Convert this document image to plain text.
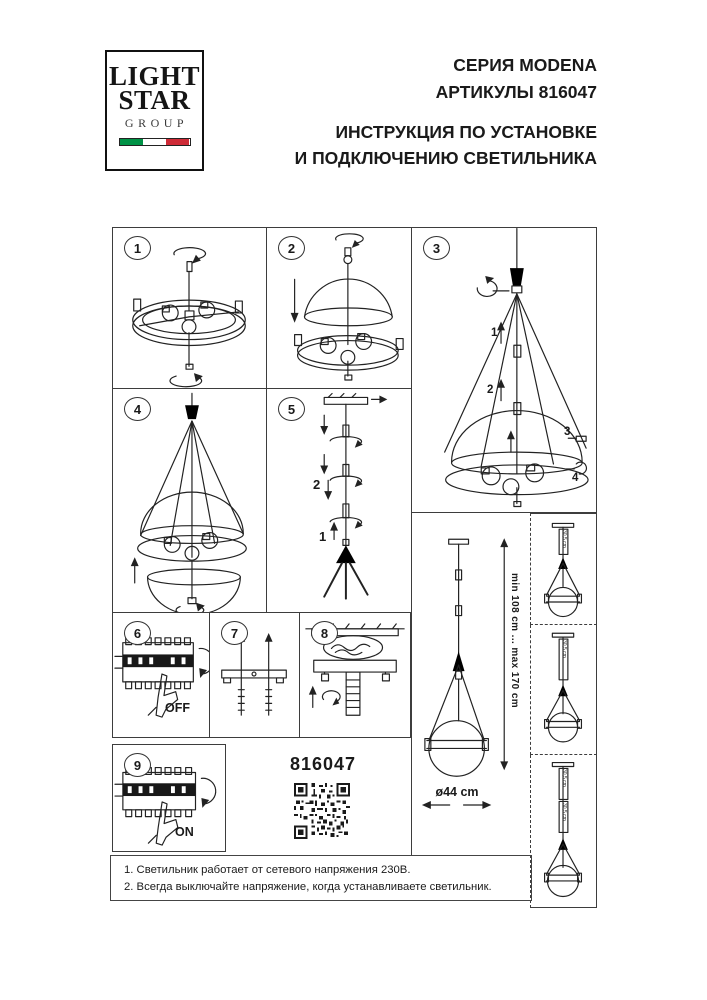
LIGHT
STAR
GROUP
СЕРИЯ MODENA
АРТИКУЛЫ 816047
ИНСТРУКЦИЯ ПО УСТАНОВКЕ
И ПОДКЛЮЧЕНИЮ СВЕТИЛЬНИКА
1	2	3
1
2
3
4
4	5
2
1
6
OFF
7	8
9
ON
816047
min 108 cm ... max 170 cm
ø44 cm
30,5 cm
30,5 cm
30,5 cm
30,5 cm
1. Светильник работает от сетевого напряжения 230В.
2. Всегда выключайте напряжение, когда устанавливаете светильник.
